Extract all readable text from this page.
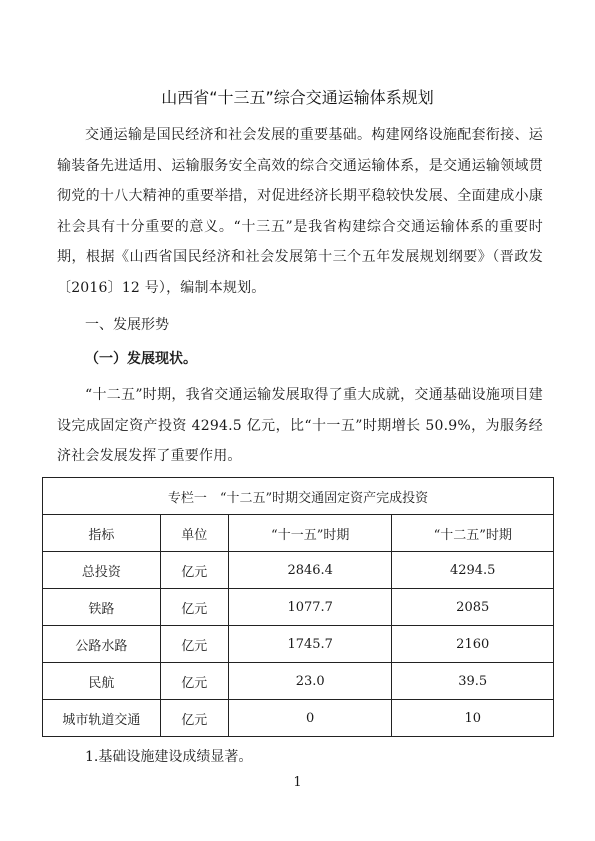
山西省“十三五”综合交通运输体系规划

交通运输是国民经济和社会发展的重要基础。构建网络设施配套衔接、运输装备先进适用、运输服务安全高效的综合交通运输体系，是交通运输领域贯彻党的十八大精神的重要举措，对促进经济长期平稳较快发展、全面建成小康社会具有十分重要的意义。“十三五”是我省构建综合交通运输体系的重要时期，根据《山西省国民经济和社会发展第十三个五年发展规划纲要》（晋政发〔2016〕12 号），编制本规划。

一、发展形势

（一）发展现状。

“十二五”时期，我省交通运输发展取得了重大成就，交通基础设施项目建设完成固定资产投资 4294.5 亿元，比“十一五”时期增长 50.9%，为服务经济社会发展发挥了重要作用。

专栏一　“十二五”时期交通固定资产完成投资			
指标	单位	“十一五”时期	“十二五”时期
总投资	亿元	2846.4	4294.5
铁路	亿元	1077.7	2085
公路水路	亿元	1745.7	2160
民航	亿元	23.0	39.5
城市轨道交通	亿元	0	10

1.基础设施建设成绩显著。

1
